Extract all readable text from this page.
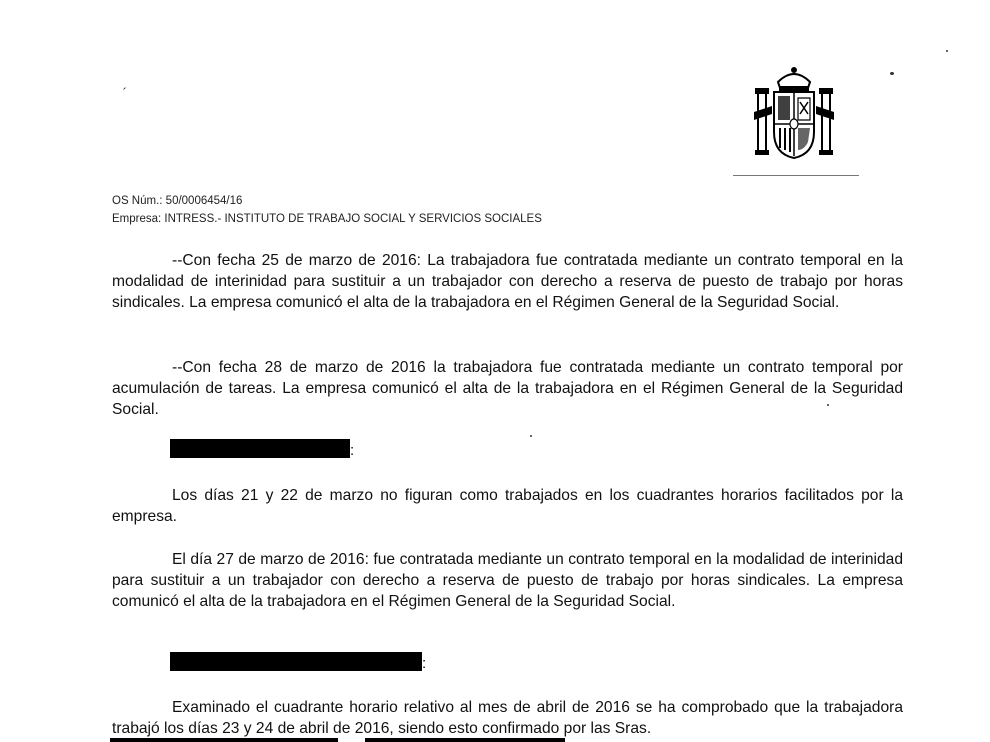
OS Núm.: 50/0006454/16
Empresa: INTRESS.- INSTITUTO DE TRABAJO SOCIAL Y SERVICIOS SOCIALES
--Con fecha 25 de marzo de 2016: La trabajadora fue contratada mediante un contrato temporal en la modalidad de interinidad para sustituir a un trabajador con derecho a reserva de puesto de trabajo por horas sindicales. La empresa comunicó el alta de la trabajadora en el Régimen General de la Seguridad Social.
--Con fecha 28 de marzo de 2016 la trabajadora fue contratada mediante un contrato temporal por acumulación de tareas. La empresa comunicó el alta de la trabajadora en el Régimen General de la Seguridad Social.
:
Los días 21 y 22 de marzo no figuran como trabajados en los cuadrantes horarios facilitados por la empresa.
El día 27 de marzo de 2016: fue contratada mediante un contrato temporal en la modalidad de interinidad para sustituir a un trabajador con derecho a reserva de puesto de trabajo por horas sindicales. La empresa comunicó el alta de la trabajadora en el Régimen General de la Seguridad Social.
:
Examinado el cuadrante horario relativo al mes de abril de 2016 se ha comprobado que la trabajadora trabajó los días 23 y 24 de abril de 2016, siendo esto confirmado por las Sras.
